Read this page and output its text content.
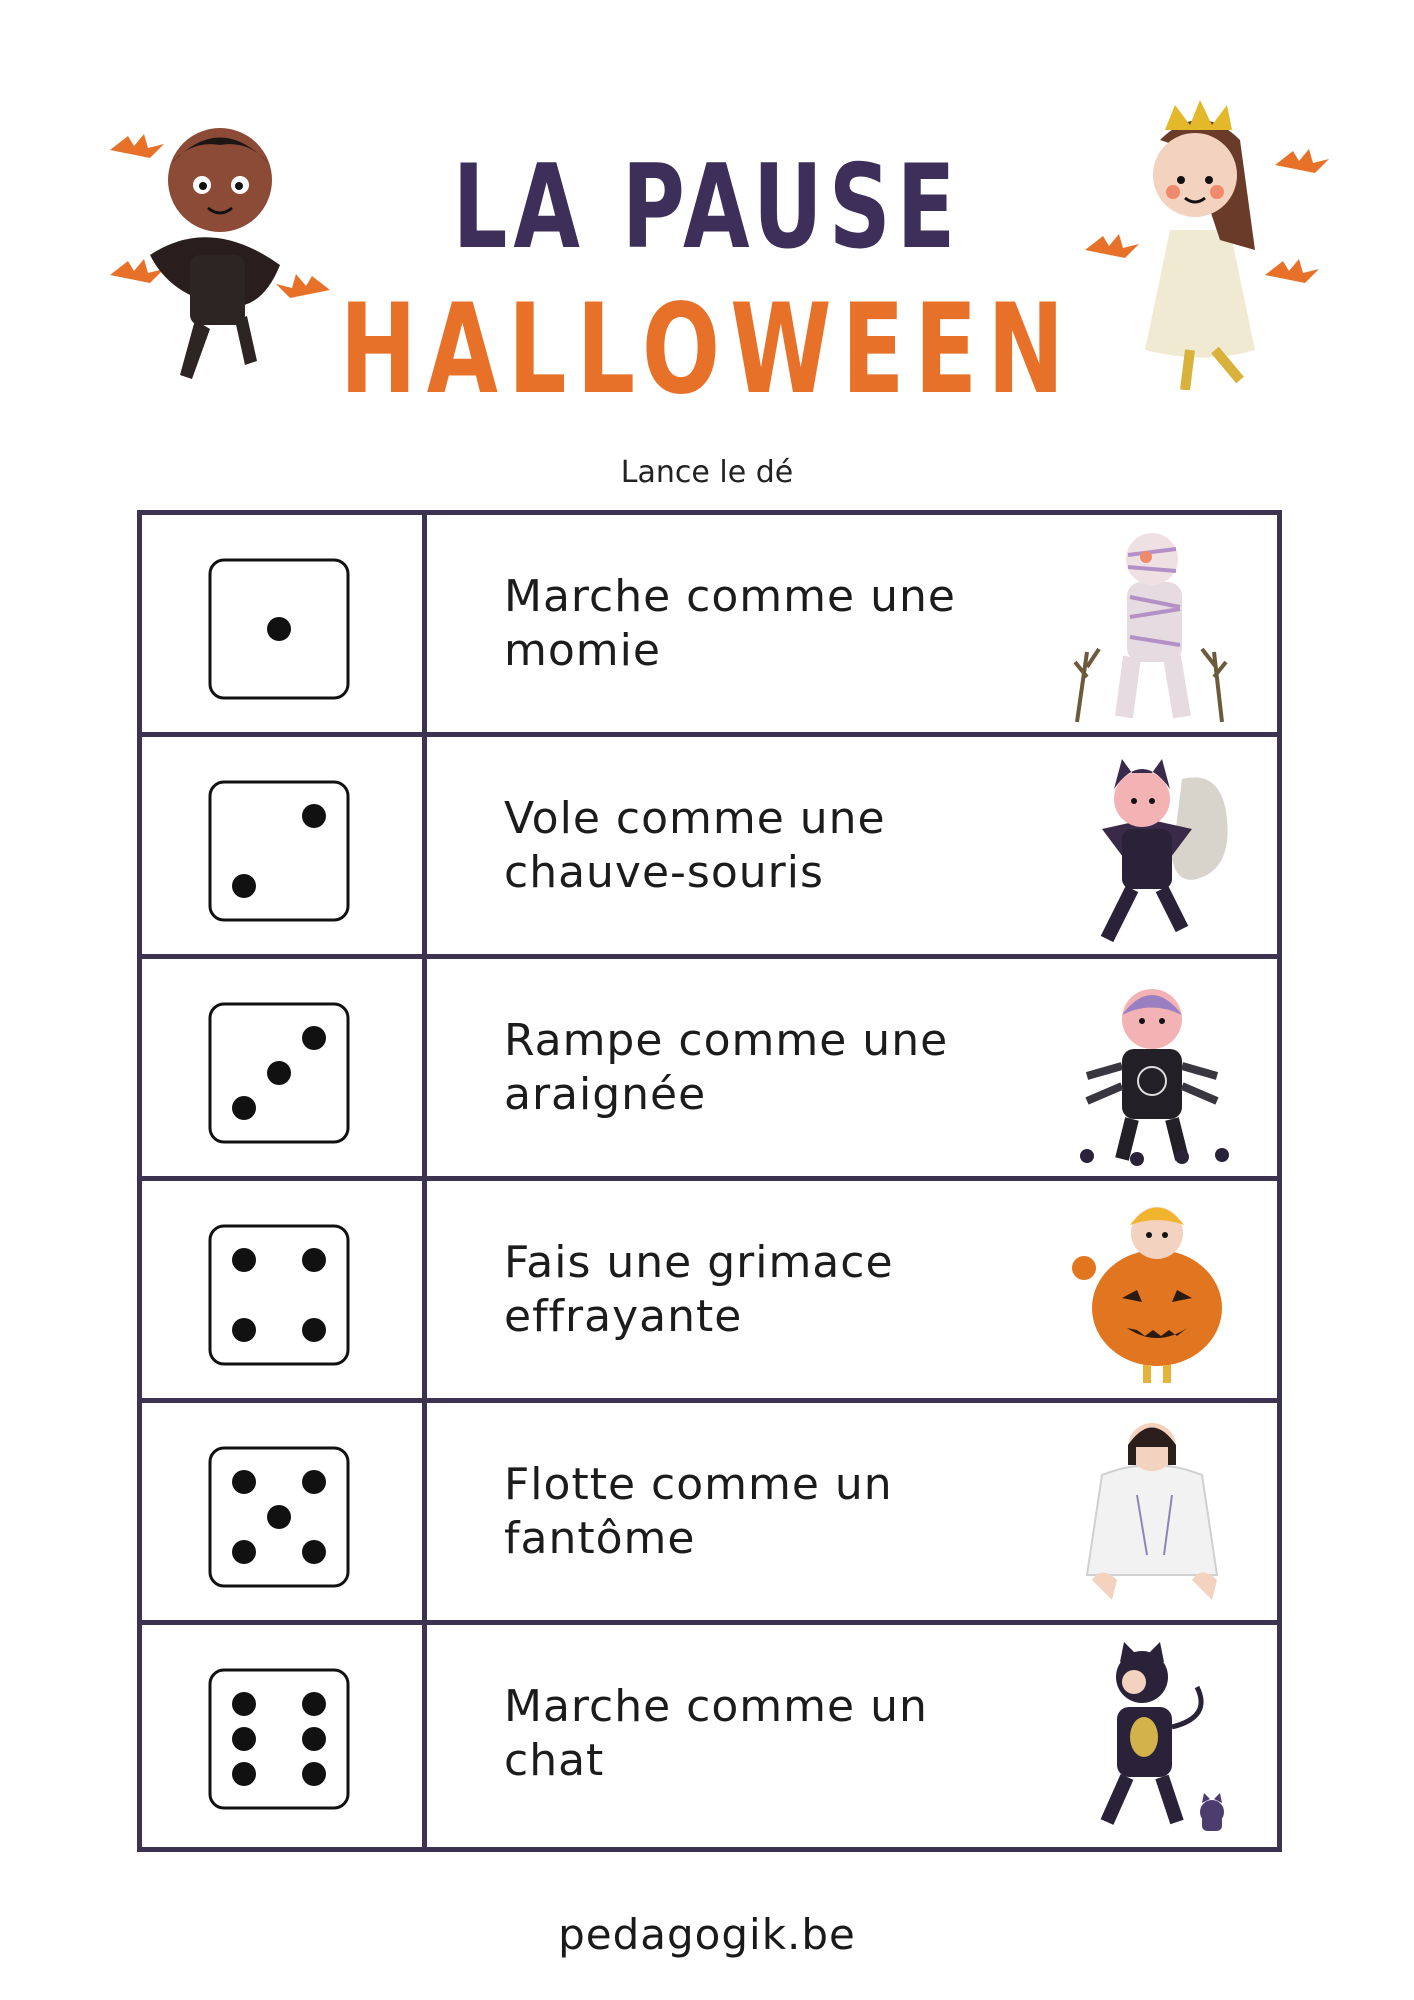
LA PAUSE
HALLOWEEN
Lance le dé
Marche comme une momie
Vole comme une chauve-souris
Rampe comme une araignée
Fais une grimace effrayante
Flotte comme un fantôme
Marche comme un chat
pedagogik.be
